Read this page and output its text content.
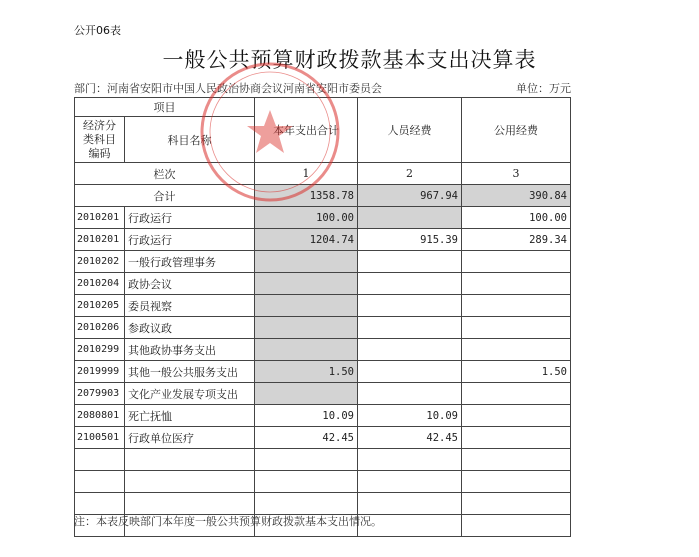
公开06表
一般公共预算财政拨款基本支出决算表
部门：河南省安阳市中国人民政治协商会议河南省安阳市委员会	单位：万元
项目		本年支出合计	人员经费	公用经费
经济分类科目编码	科目名称			
栏次		1	2	3
合计		1358.78	967.94	390.84
2010201	行政运行	100.00		100.00
2010201	行政运行	1204.74	915.39	289.34
2010202	一般行政管理事务			
2010204	政协会议			
2010205	委员视察			
2010206	参政议政			
2010299	其他政协事务支出			
2019999	其他一般公共服务支出	1.50		1.50
2079903	文化产业发展专项支出			
2080801	死亡抚恤	10.09	10.09	
2100501	行政单位医疗	42.45	42.45	

注：本表反映部门本年度一般公共预算财政拨款基本支出情况。
